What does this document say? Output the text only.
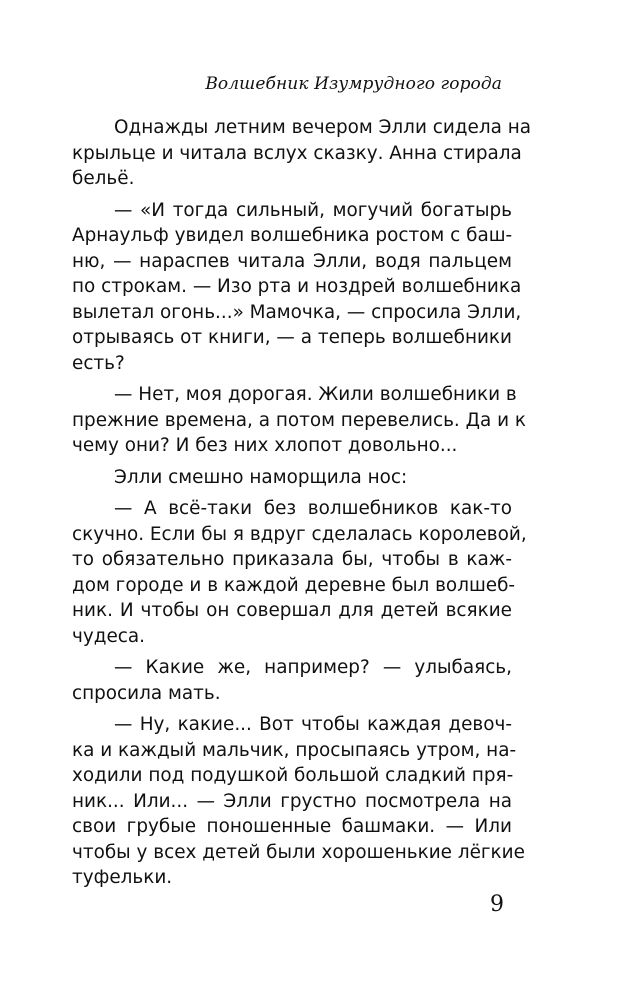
Волшебник Изумрудного города

Однажды летним вечером Элли сидела на
крыльце и читала вслух сказку. Анна стирала
бельё.
— «И тогда сильный, могучий богатырь
Арнаульф увидел волшебника ростом с баш-
ню, — нараспев читала Элли, водя пальцем
по строкам. — Изо рта и ноздрей волшебника
вылетал огонь...» Мамочка, — спросила Элли,
отрываясь от книги, — а теперь волшебники
есть?
— Нет, моя дорогая. Жили волшебники в
прежние времена, а потом перевелись. Да и к
чему они? И без них хлопот довольно...
Элли смешно наморщила нос:
— А всё-таки без волшебников как-то
скучно. Если бы я вдруг сделалась королевой,
то обязательно приказала бы, чтобы в каж-
дом городе и в каждой деревне был волшеб-
ник. И чтобы он совершал для детей всякие
чудеса.
— Какие же, например? — улыбаясь,
спросила мать.
— Ну, какие... Вот чтобы каждая девоч-
ка и каждый мальчик, просыпаясь утром, на-
ходили под подушкой большой сладкий пря-
ник... Или... — Элли грустно посмотрела на
свои грубые поношенные башмаки. — Или
чтобы у всех детей были хорошенькие лёгкие
туфельки.
9
